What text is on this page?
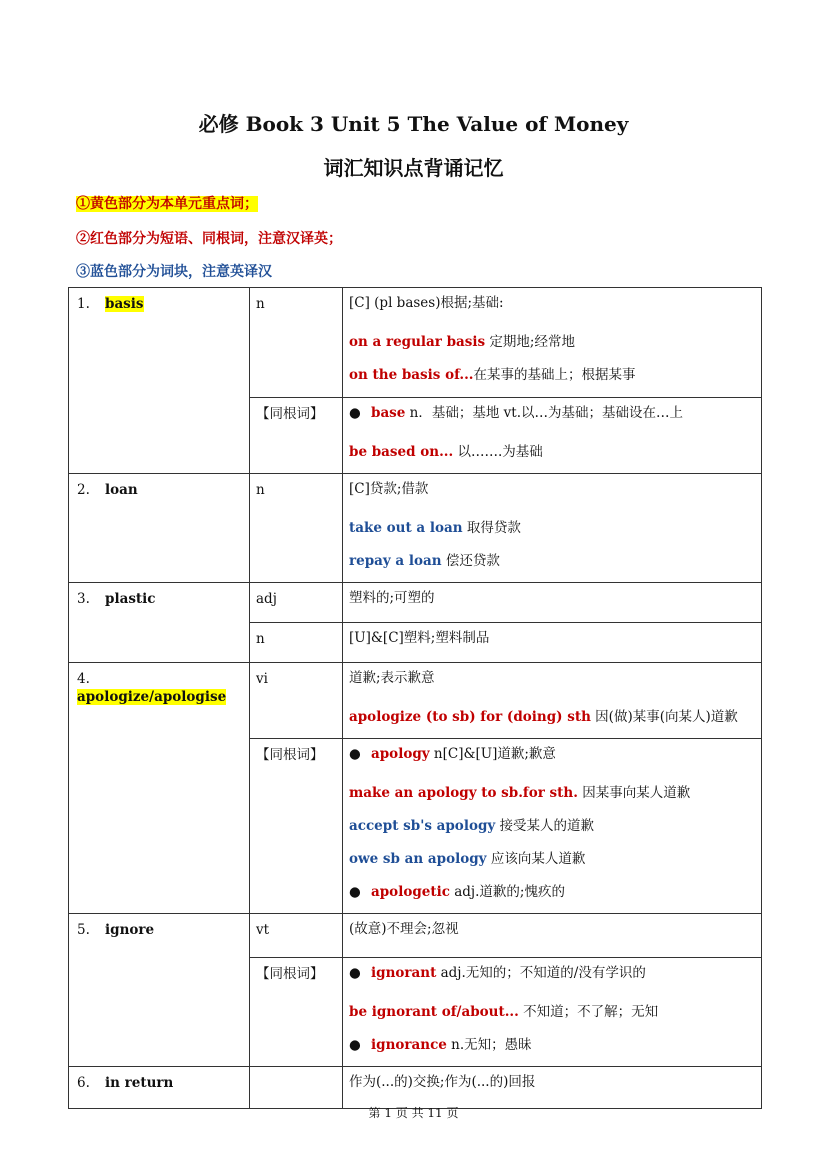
必修 Book 3 Unit 5 The Value of Money
词汇知识点背诵记忆
①黄色部分为本单元重点词；
②红色部分为短语、同根词，注意汉译英；
③蓝色部分为词块，注意英译汉
1. basis	n	[C] (pl bases)根据;基础:
on a regular basis 定期地;经常地
on the basis of...在某事的基础上；根据某事

	【同根词】	● base n．基础；基地 vt.以…为基础；基础设在…上
be based on... 以…….为基础

2. loan	n	[C]贷款;借款
take out a loan 取得贷款
repay a loan 偿还贷款

3. plastic	adj	塑料的;可塑的

	n	[U]&[C]塑料;塑料制品

4.apologize/apologise	vi	道歉;表示歉意
apologize (to sb) for (doing) sth 因(做)某事(向某人)道歉

	【同根词】	● apology n[C]&[U]道歉;歉意
make an apology to sb.for sth. 因某事向某人道歉
accept sb's apology 接受某人的道歉
owe sb an apology 应该向某人道歉
● apologetic adj.道歉的;愧疚的

5. ignore	vt	(故意)不理会;忽视

	【同根词】	● ignorant adj.无知的；不知道的/没有学识的
be ignorant of/about... 不知道；不了解；无知
● ignorance n.无知；愚昧

6. in return		作为(...的)交换;作为(...的)回报
第 1 页 共 11 页
